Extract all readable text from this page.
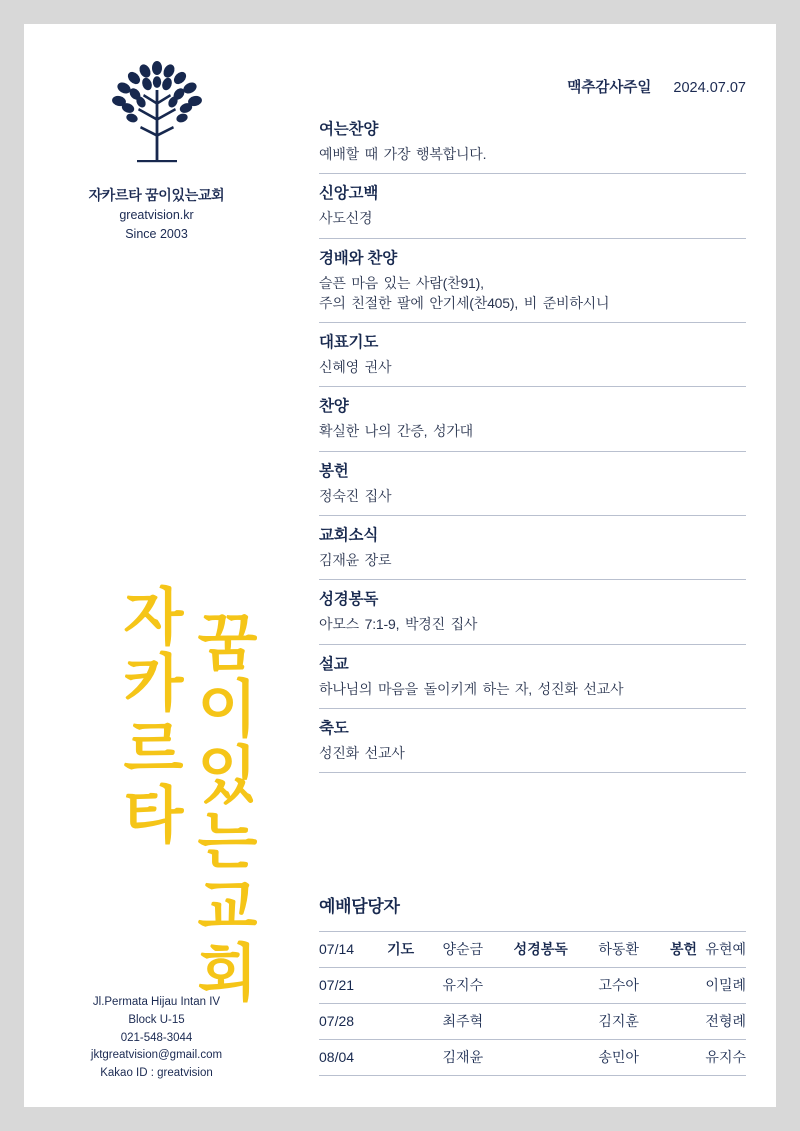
자카르타 꿈이있는교회
greatvision.kr
Since 2003
자카르타 꿈이있는교회
Jl.Permata Hijau Intan IV
Block U-15
021-548-3044
jktgreatvision@gmail.com
Kakao ID : greatvision
맥추감사주일 2024.07.07
여는찬양
예배할 때 가장 행복합니다.
신앙고백
사도신경
경배와 찬양
슬픈 마음 있는 사람(찬91),
주의 친절한 팔에 안기세(찬405), 비 준비하시니
대표기도
신혜영 권사
찬양
확실한 나의 간증, 성가대
봉헌
정숙진 집사
교회소식
김재윤 장로
성경봉독
아모스 7:1-9, 박경진 집사
설교
하나님의 마음을 돌이키게 하는 자, 성진화 선교사
축도
성진화 선교사
예배담당자
07/14	기도	양순금	성경봉독	하동환	봉헌	유현예
07/21		유지수		고수아		이밀례
07/28		최주혁		김지훈		전형례
08/04		김재윤		송민아		유지수
